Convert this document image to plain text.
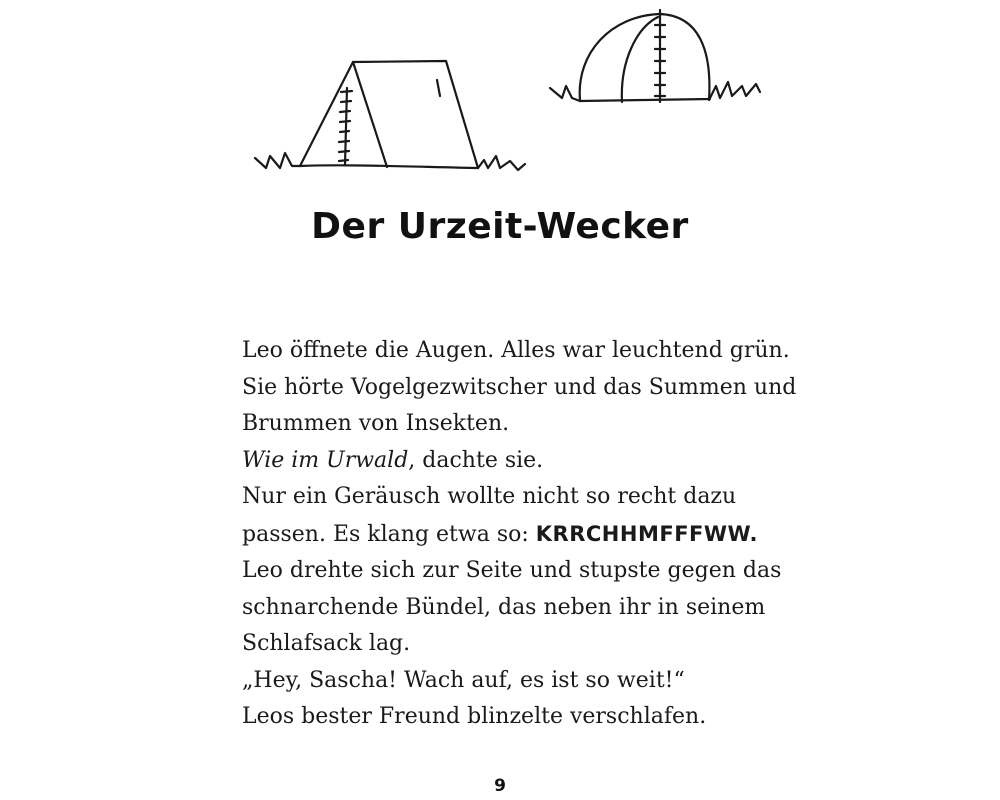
Der Urzeit-Wecker
Leo öffnete die Augen. Alles war leuchtend grün.
Sie hörte Vogelgezwitscher und das Summen und
Brummen von Insekten.
Wie im Urwald, dachte sie.
Nur ein Geräusch wollte nicht so recht dazu
passen. Es klang etwa so: KRRCHHMFFFWW.
Leo drehte sich zur Seite und stupste gegen das
schnarchende Bündel, das neben ihr in seinem
Schlafsack lag.
„Hey, Sascha! Wach auf, es ist so weit!“
Leos bester Freund blinzelte verschlafen.
9
